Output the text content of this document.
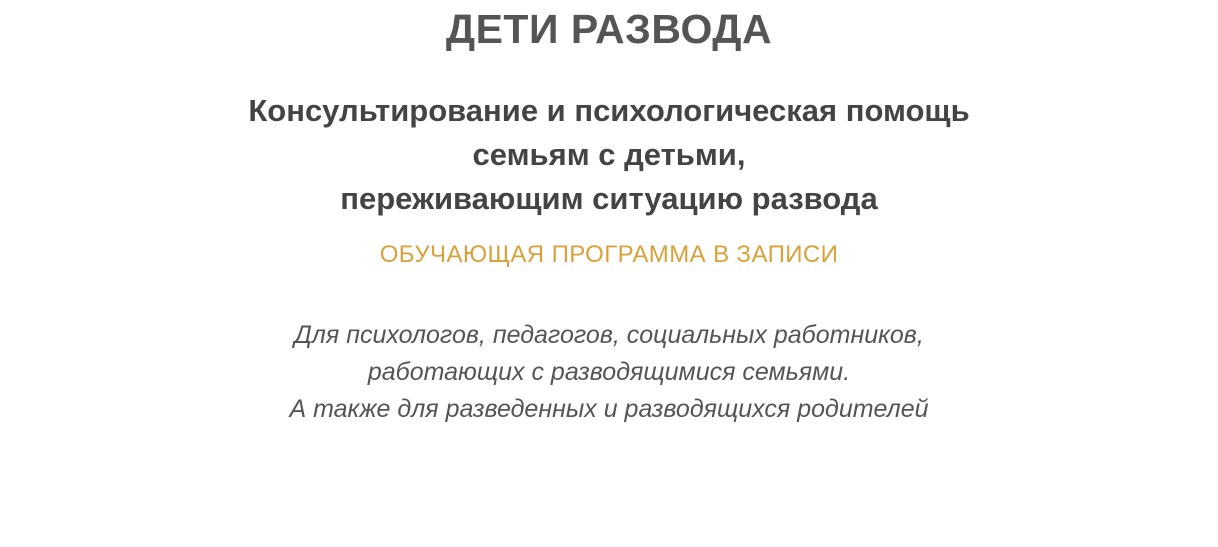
ДЕТИ РАЗВОДА
Консультирование и психологическая помощь
семьям с детьми,
переживающим ситуацию развода
ОБУЧАЮЩАЯ ПРОГРАММА В ЗАПИСИ
Для психологов, педагогов, социальных работников,
работающих с разводящимися семьями.
А также для разведенных и разводящихся родителей
